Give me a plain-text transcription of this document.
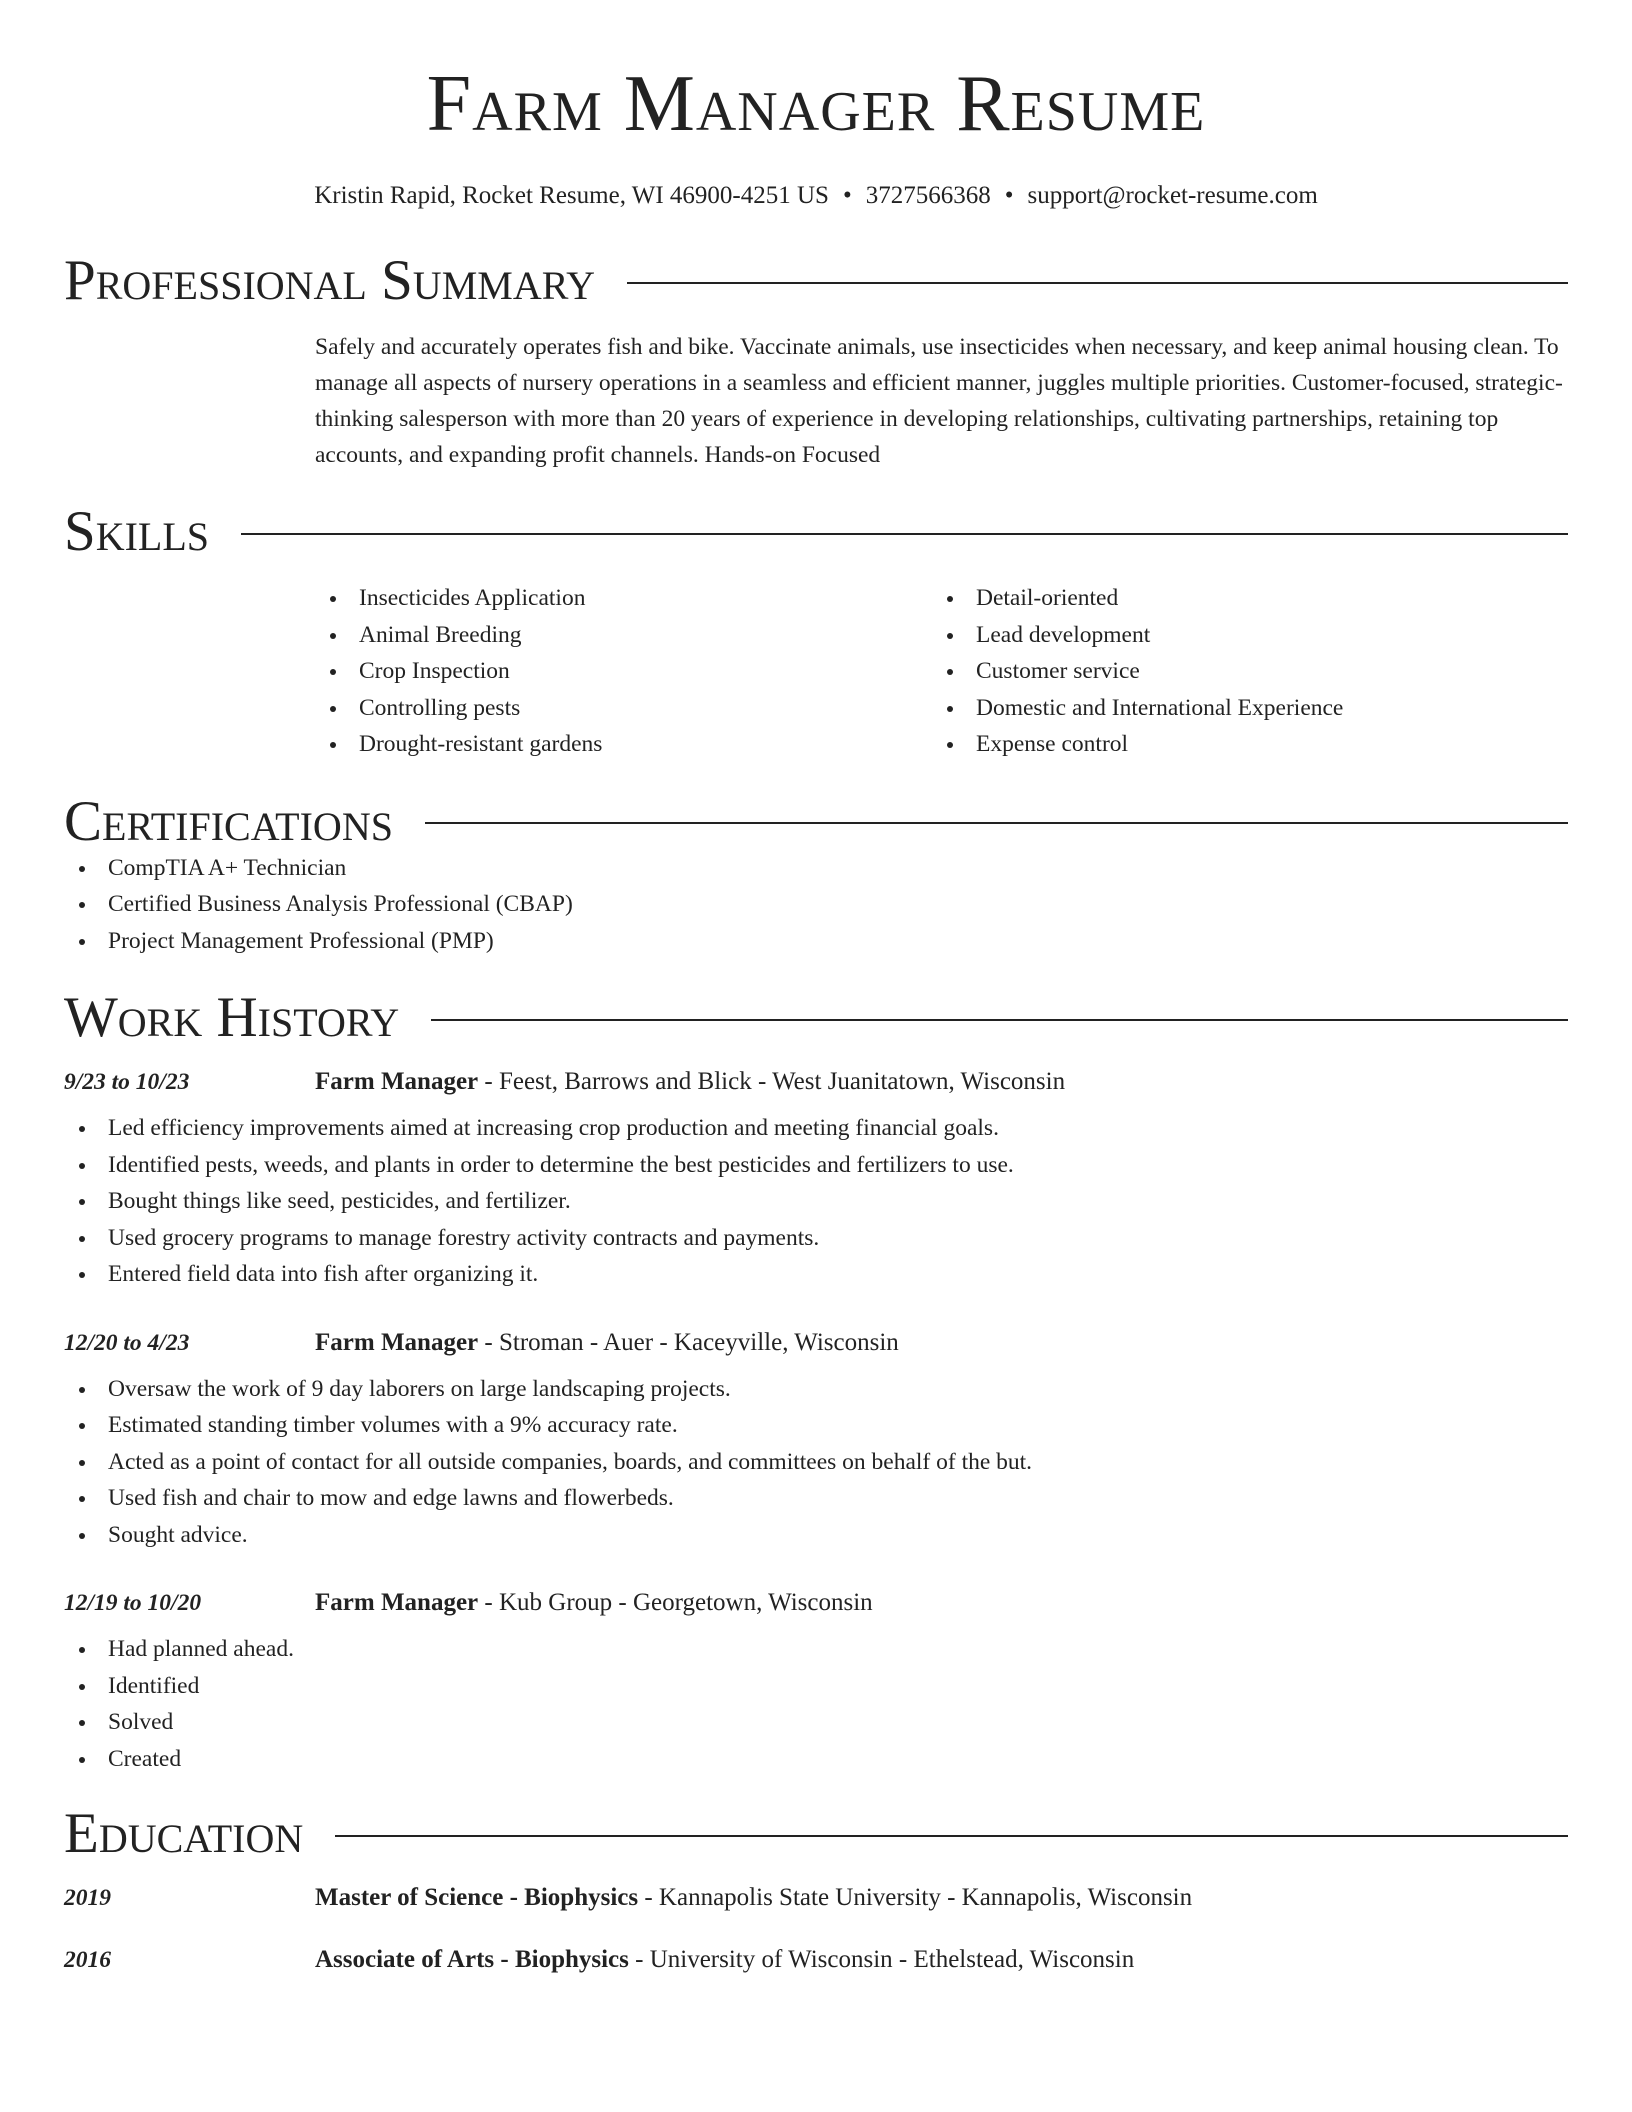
Farm Manager Resume
Kristin Rapid, Rocket Resume, WI 46900-4251 US • 3727566368 • support@rocket-resume.com
Professional Summary

Safely and accurately operates fish and bike. Vaccinate animals, use insecticides when necessary, and keep animal housing clean. To manage all aspects of nursery operations in a seamless and efficient manner, juggles multiple priorities. Customer-focused, strategic-thinking salesperson with more than 20 years of experience in developing relationships, cultivating partnerships, retaining top accounts, and expanding profit channels. Hands-on Focused

Skills
Insecticides Application
Animal Breeding
Crop Inspection
Controlling pests
Drought-resistant gardens
Detail-oriented
Lead development
Customer service
Domestic and International Experience
Expense control
Certifications
CompTIA A+ Technician
Certified Business Analysis Professional (CBAP)
Project Management Professional (PMP)
Work History
9/23 to 10/23	Farm Manager - Feest, Barrows and Blick - West Juanitatown, Wisconsin
Led efficiency improvements aimed at increasing crop production and meeting financial goals.
Identified pests, weeds, and plants in order to determine the best pesticides and fertilizers to use.
Bought things like seed, pesticides, and fertilizer.
Used grocery programs to manage forestry activity contracts and payments.
Entered field data into fish after organizing it.
12/20 to 4/23	Farm Manager - Stroman - Auer - Kaceyville, Wisconsin
Oversaw the work of 9 day laborers on large landscaping projects.
Estimated standing timber volumes with a 9% accuracy rate.
Acted as a point of contact for all outside companies, boards, and committees on behalf of the but.
Used fish and chair to mow and edge lawns and flowerbeds.
Sought advice.
12/19 to 10/20	Farm Manager - Kub Group - Georgetown, Wisconsin
Had planned ahead.
Identified
Solved
Created
Education
2019	Master of Science - Biophysics - Kannapolis State University - Kannapolis, Wisconsin
2016	Associate of Arts - Biophysics - University of Wisconsin - Ethelstead, Wisconsin
